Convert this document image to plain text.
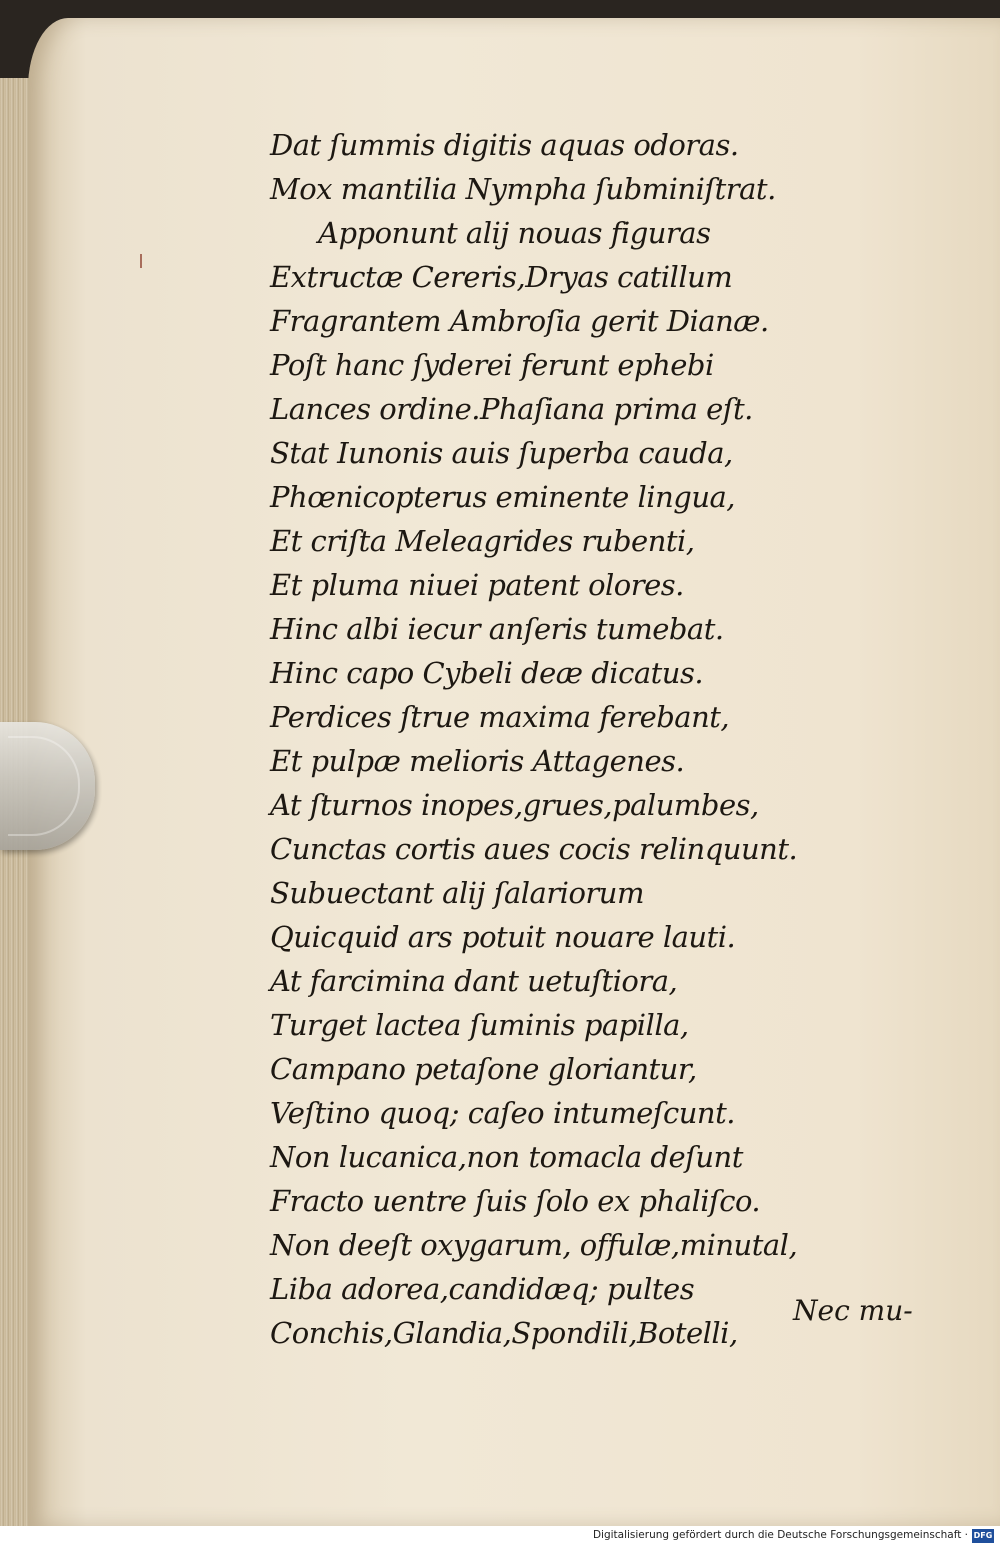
Dat ſummis digitis aquas odoras.
Mox mantilia Nympha ſubminiſtrat.
Apponunt alij nouas figuras
Extructæ Cereris,Dryas catillum
Fragrantem Ambroſia gerit Dianæ.
Poſt hanc ſyderei ferunt ephebi
Lances ordine.Phaſiana prima eſt.
Stat Iunonis auis ſuperba cauda,
Phœnicopterus eminente lingua,
Et criſta Meleagrides rubenti,
Et pluma niuei patent olores.
Hinc albi iecur anſeris tumebat.
Hinc capo Cybeli deæ dicatus.
Perdices ſtrue maxima ferebant,
Et pulpæ melioris Attagenes.
At ſturnos inopes,grues,palumbes,
Cunctas cortis aues cocis relinquunt.
Subuectant alij ſalariorum
Quicquid ars potuit nouare lauti.
At farcimina dant uetuſtiora,
Turget lactea ſuminis papilla,
Campano petaſone gloriantur,
Veſtino quoq; caſeo intumeſcunt.
Non lucanica,non tomacla deſunt
Fracto uentre ſuis ſolo ex phaliſco.
Non deeſt oxygarum, offulæ,minutal,
Liba adorea,candidæq; pultes
Conchis,Glandia,Spondili,Botelli,
Nec mu-
Digitalisierung gefördert durch die Deutsche Forschungsgemeinschaft · DFG
